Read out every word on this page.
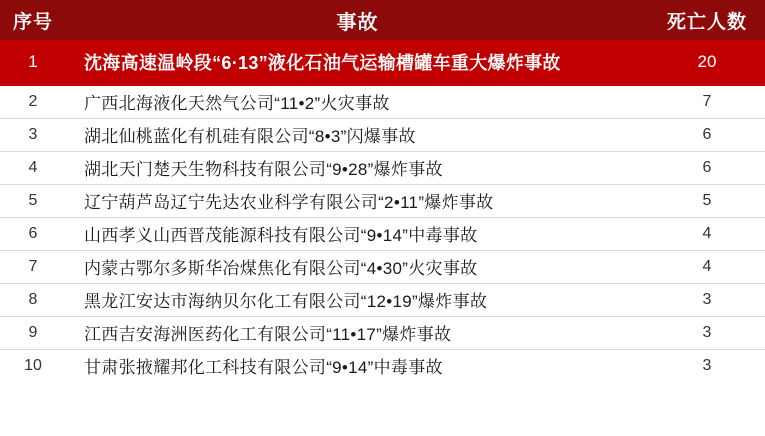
序号	事故	死亡人数
1	沈海高速温岭段“6·13”液化石油气运输槽罐车重大爆炸事故	20
2	广西北海液化天然气公司“11•2”火灾事故	7
3	湖北仙桃蓝化有机硅有限公司“8•3”闪爆事故	6
4	湖北天门楚天生物科技有限公司“9•28”爆炸事故	6
5	辽宁葫芦岛辽宁先达农业科学有限公司“2•11”爆炸事故	5
6	山西孝义山西晋茂能源科技有限公司“9•14”中毒事故	4
7	内蒙古鄂尔多斯华冶煤焦化有限公司“4•30”火灾事故	4
8	黑龙江安达市海纳贝尔化工有限公司“12•19”爆炸事故	3
9	江西吉安海洲医药化工有限公司“11•17”爆炸事故	3
10	甘肃张掖耀邦化工科技有限公司“9•14”中毒事故	3
